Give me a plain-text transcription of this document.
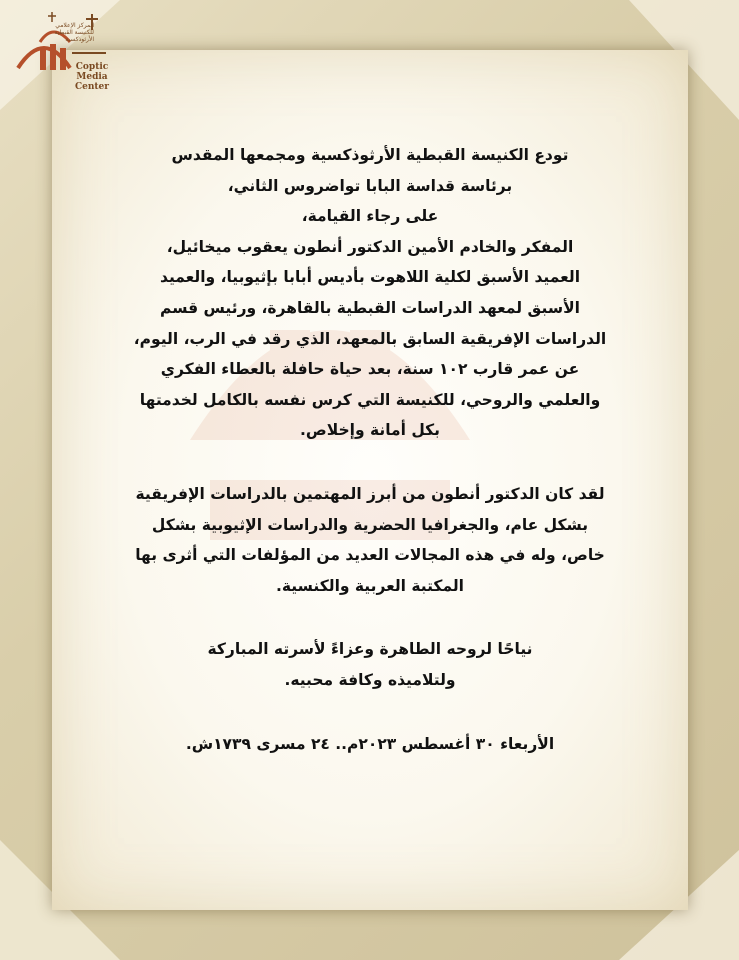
المركز الإعلامي للكنيسة القبطية الأرثوذكسية
Coptic
Media
Center
تودع الكنيسة القبطية الأرثوذكسية ومجمعها المقدس
برئاسة قداسة البابا تواضروس الثاني،
على رجاء القيامة،
المفكر والخادم الأمين الدكتور أنطون يعقوب ميخائيل،
العميد الأسبق لكلية اللاهوت بأديس أبابا بإثيوبيا، والعميد
الأسبق لمعهد الدراسات القبطية بالقاهرة، ورئيس قسم
الدراسات الإفريقية السابق بالمعهد، الذي رقد في الرب، اليوم،
عن عمر قارب ١٠٢ سنة، بعد حياة حافلة بالعطاء الفكري
والعلمي والروحي، للكنيسة التي كرس نفسه بالكامل لخدمتها
بكل أمانة وإخلاص.
لقد كان الدكتور أنطون من أبرز المهتمين بالدراسات الإفريقية
بشكل عام، والجغرافيا الحضرية والدراسات الإثيوبية بشكل
خاص، وله في هذه المجالات العديد من المؤلفات التي أثرى بها
المكتبة العربية والكنسية.
نياحًا لروحه الطاهرة وعزاءً لأسرته المباركة
ولتلاميذه وكافة محبيه.
الأربعاء ٣٠ أغسطس ٢٠٢٣م.. ٢٤ مسرى ١٧٣٩ش.
